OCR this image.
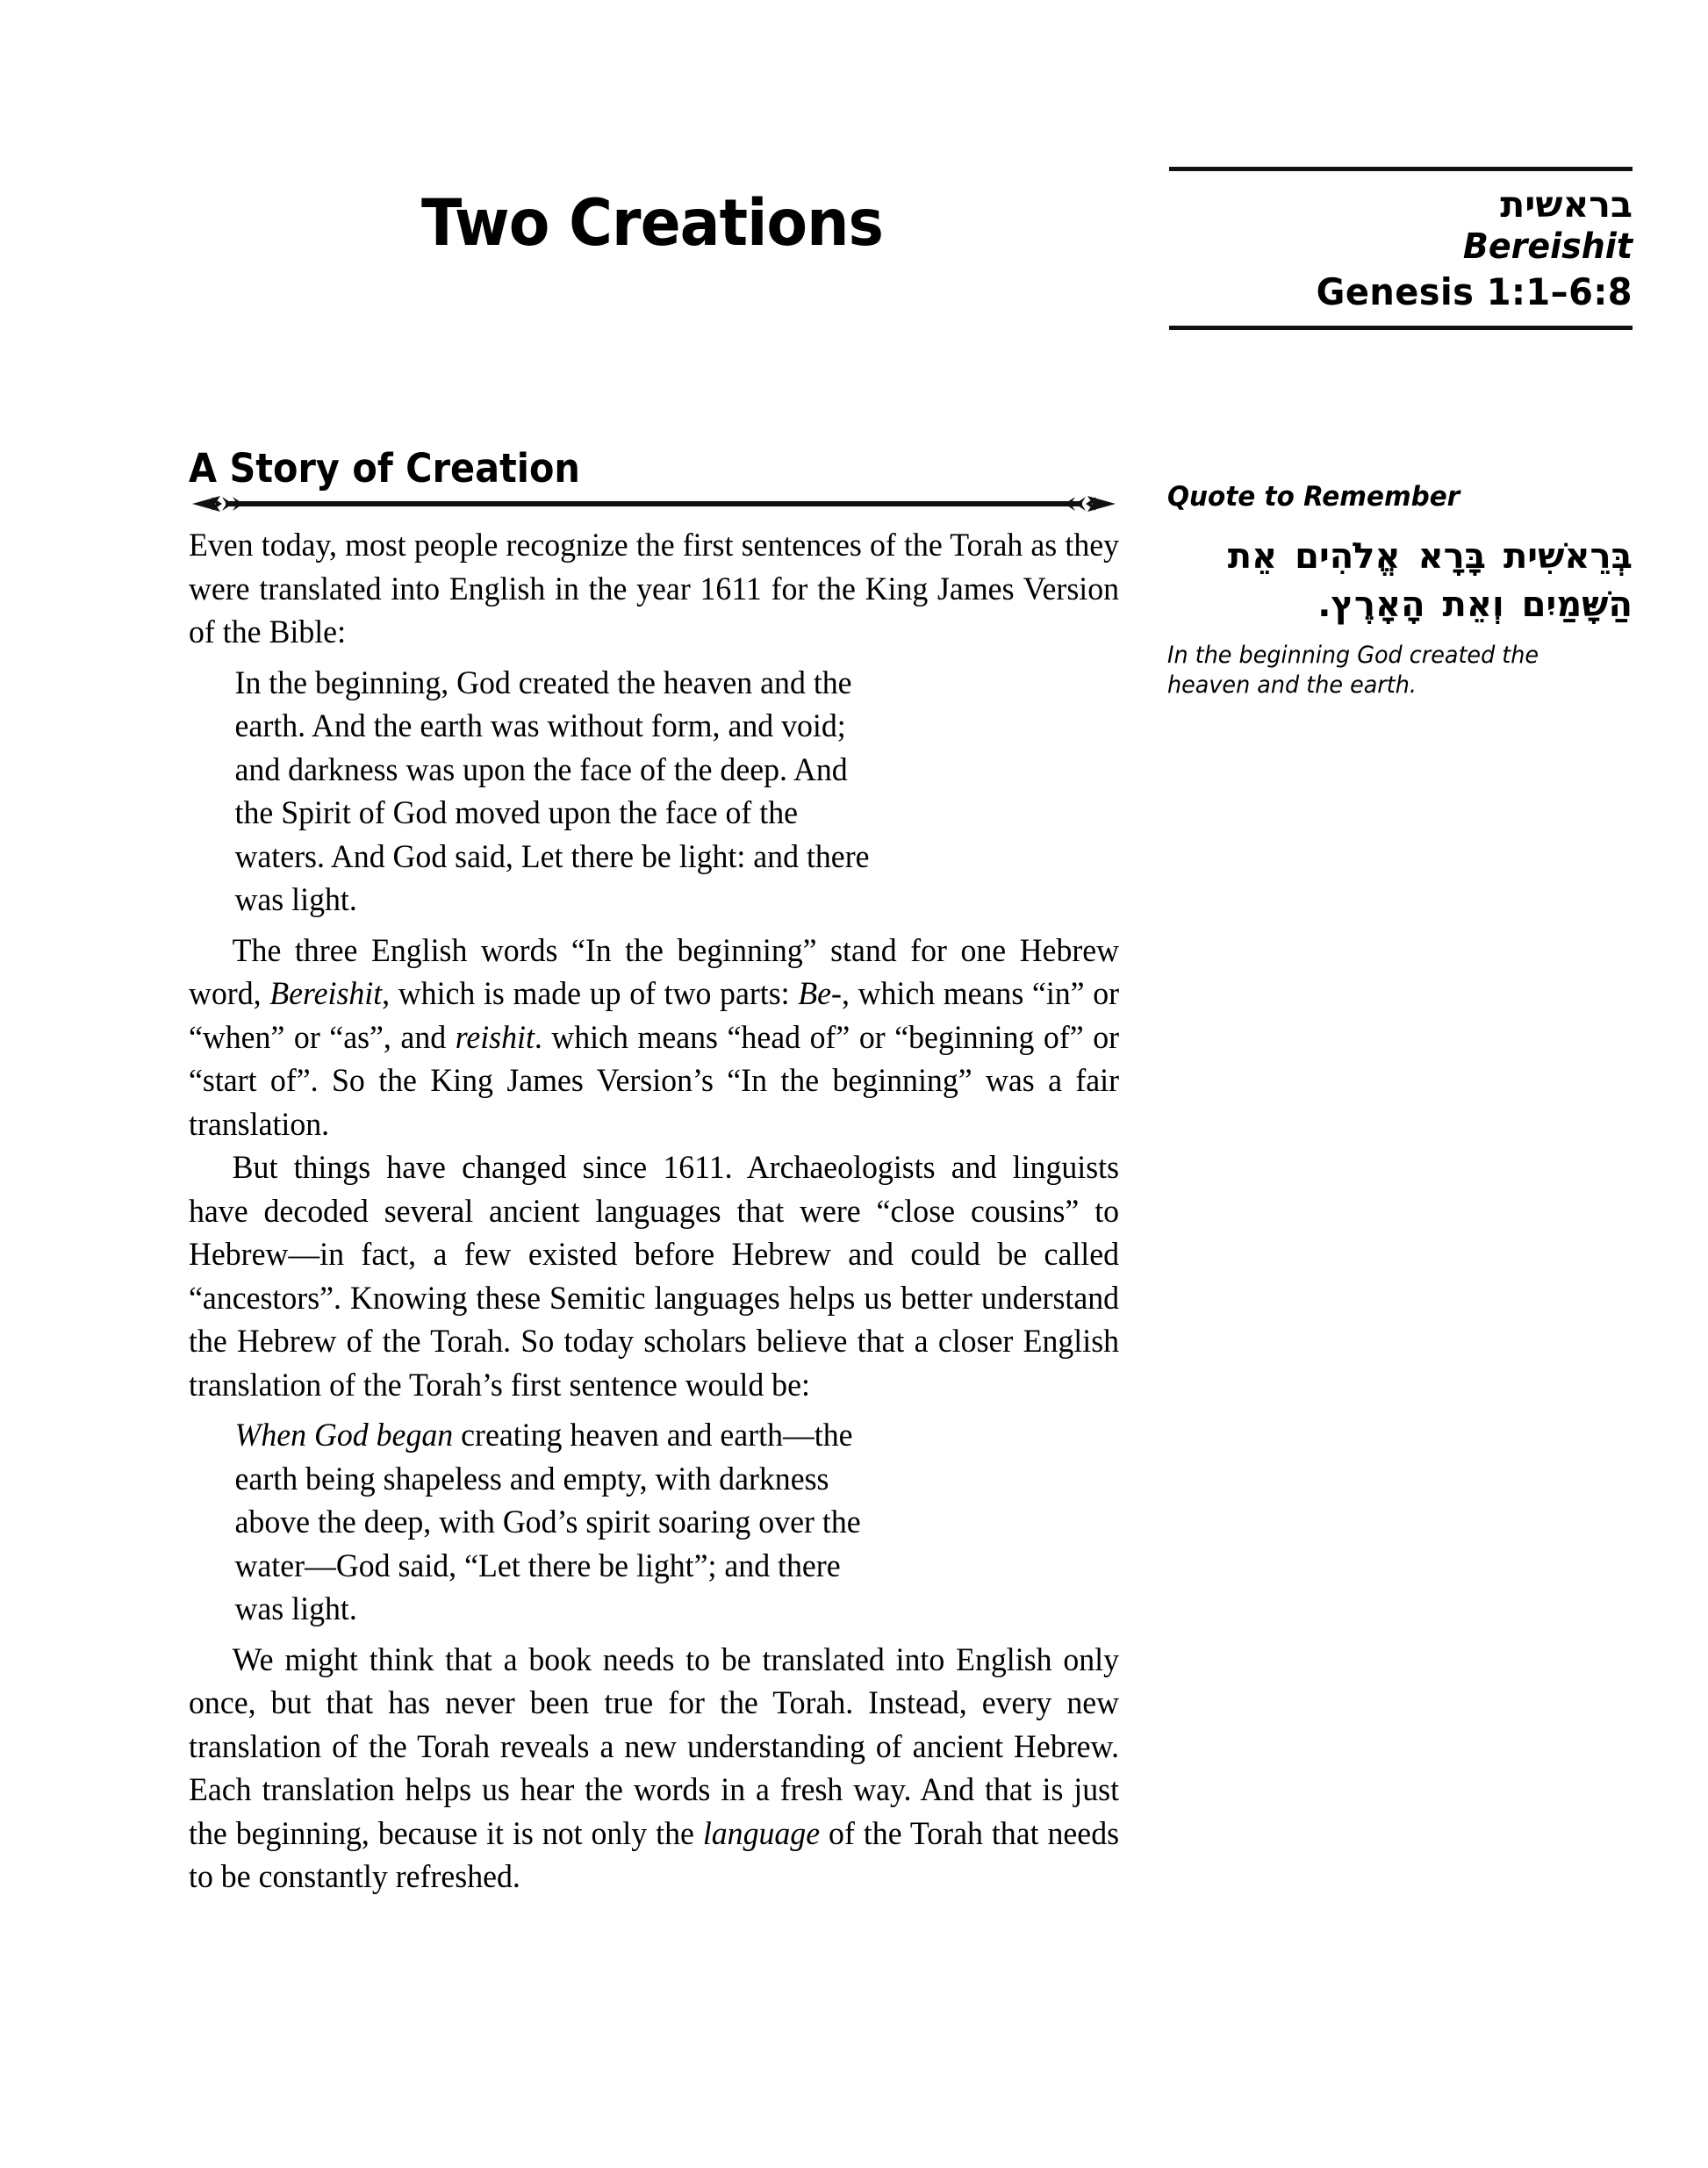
Two Creations	בראשית
Bereishit
Genesis 1:1–6:8
A Story of Creation

Even today, most people recognize the first sentences of the Torah as they were translated into English in the year 1611 for the King James Version of the Bible:

In the beginning, God created the heaven and the earth. And the earth was without form, and void; and darkness was upon the face of the deep. And the Spirit of God moved upon the face of the waters. And God said, Let there be light: and there was light.

The three English words “In the beginning” stand for one Hebrew word, Bereishit, which is made up of two parts: Be-, which means “in” or “when” or “as”, and reishit. which means “head of” or “beginning of” or “start of”. So the King James Version’s “In the beginning” was a fair translation.

But things have changed since 1611. Archaeologists and linguists have decoded several ancient languages that were “close cousins” to Hebrew—in fact, a few existed before Hebrew and could be called “ancestors”. Knowing these Semitic languages helps us better understand the Hebrew of the Torah. So today scholars believe that a closer English translation of the Torah’s first sentence would be:

When God began creating heaven and earth—the earth being shapeless and empty, with darkness above the deep, with God’s spirit soaring over the water—God said, “Let there be light”; and there was light.

We might think that a book needs to be translated into English only once, but that has never been true for the Torah. Instead, every new translation of the Torah reveals a new understanding of ancient Hebrew. Each translation helps us hear the words in a fresh way. And that is just the beginning, because it is not only the language of the Torah that needs to be constantly refreshed.

Quote to Remember
בְּרֵאשִׁית בָּרָא אֱלֹהִים אֵת הַשָּׁמַיִם וְאֵת הָאָרֶץ.
In the beginning God created the heaven and the earth.
